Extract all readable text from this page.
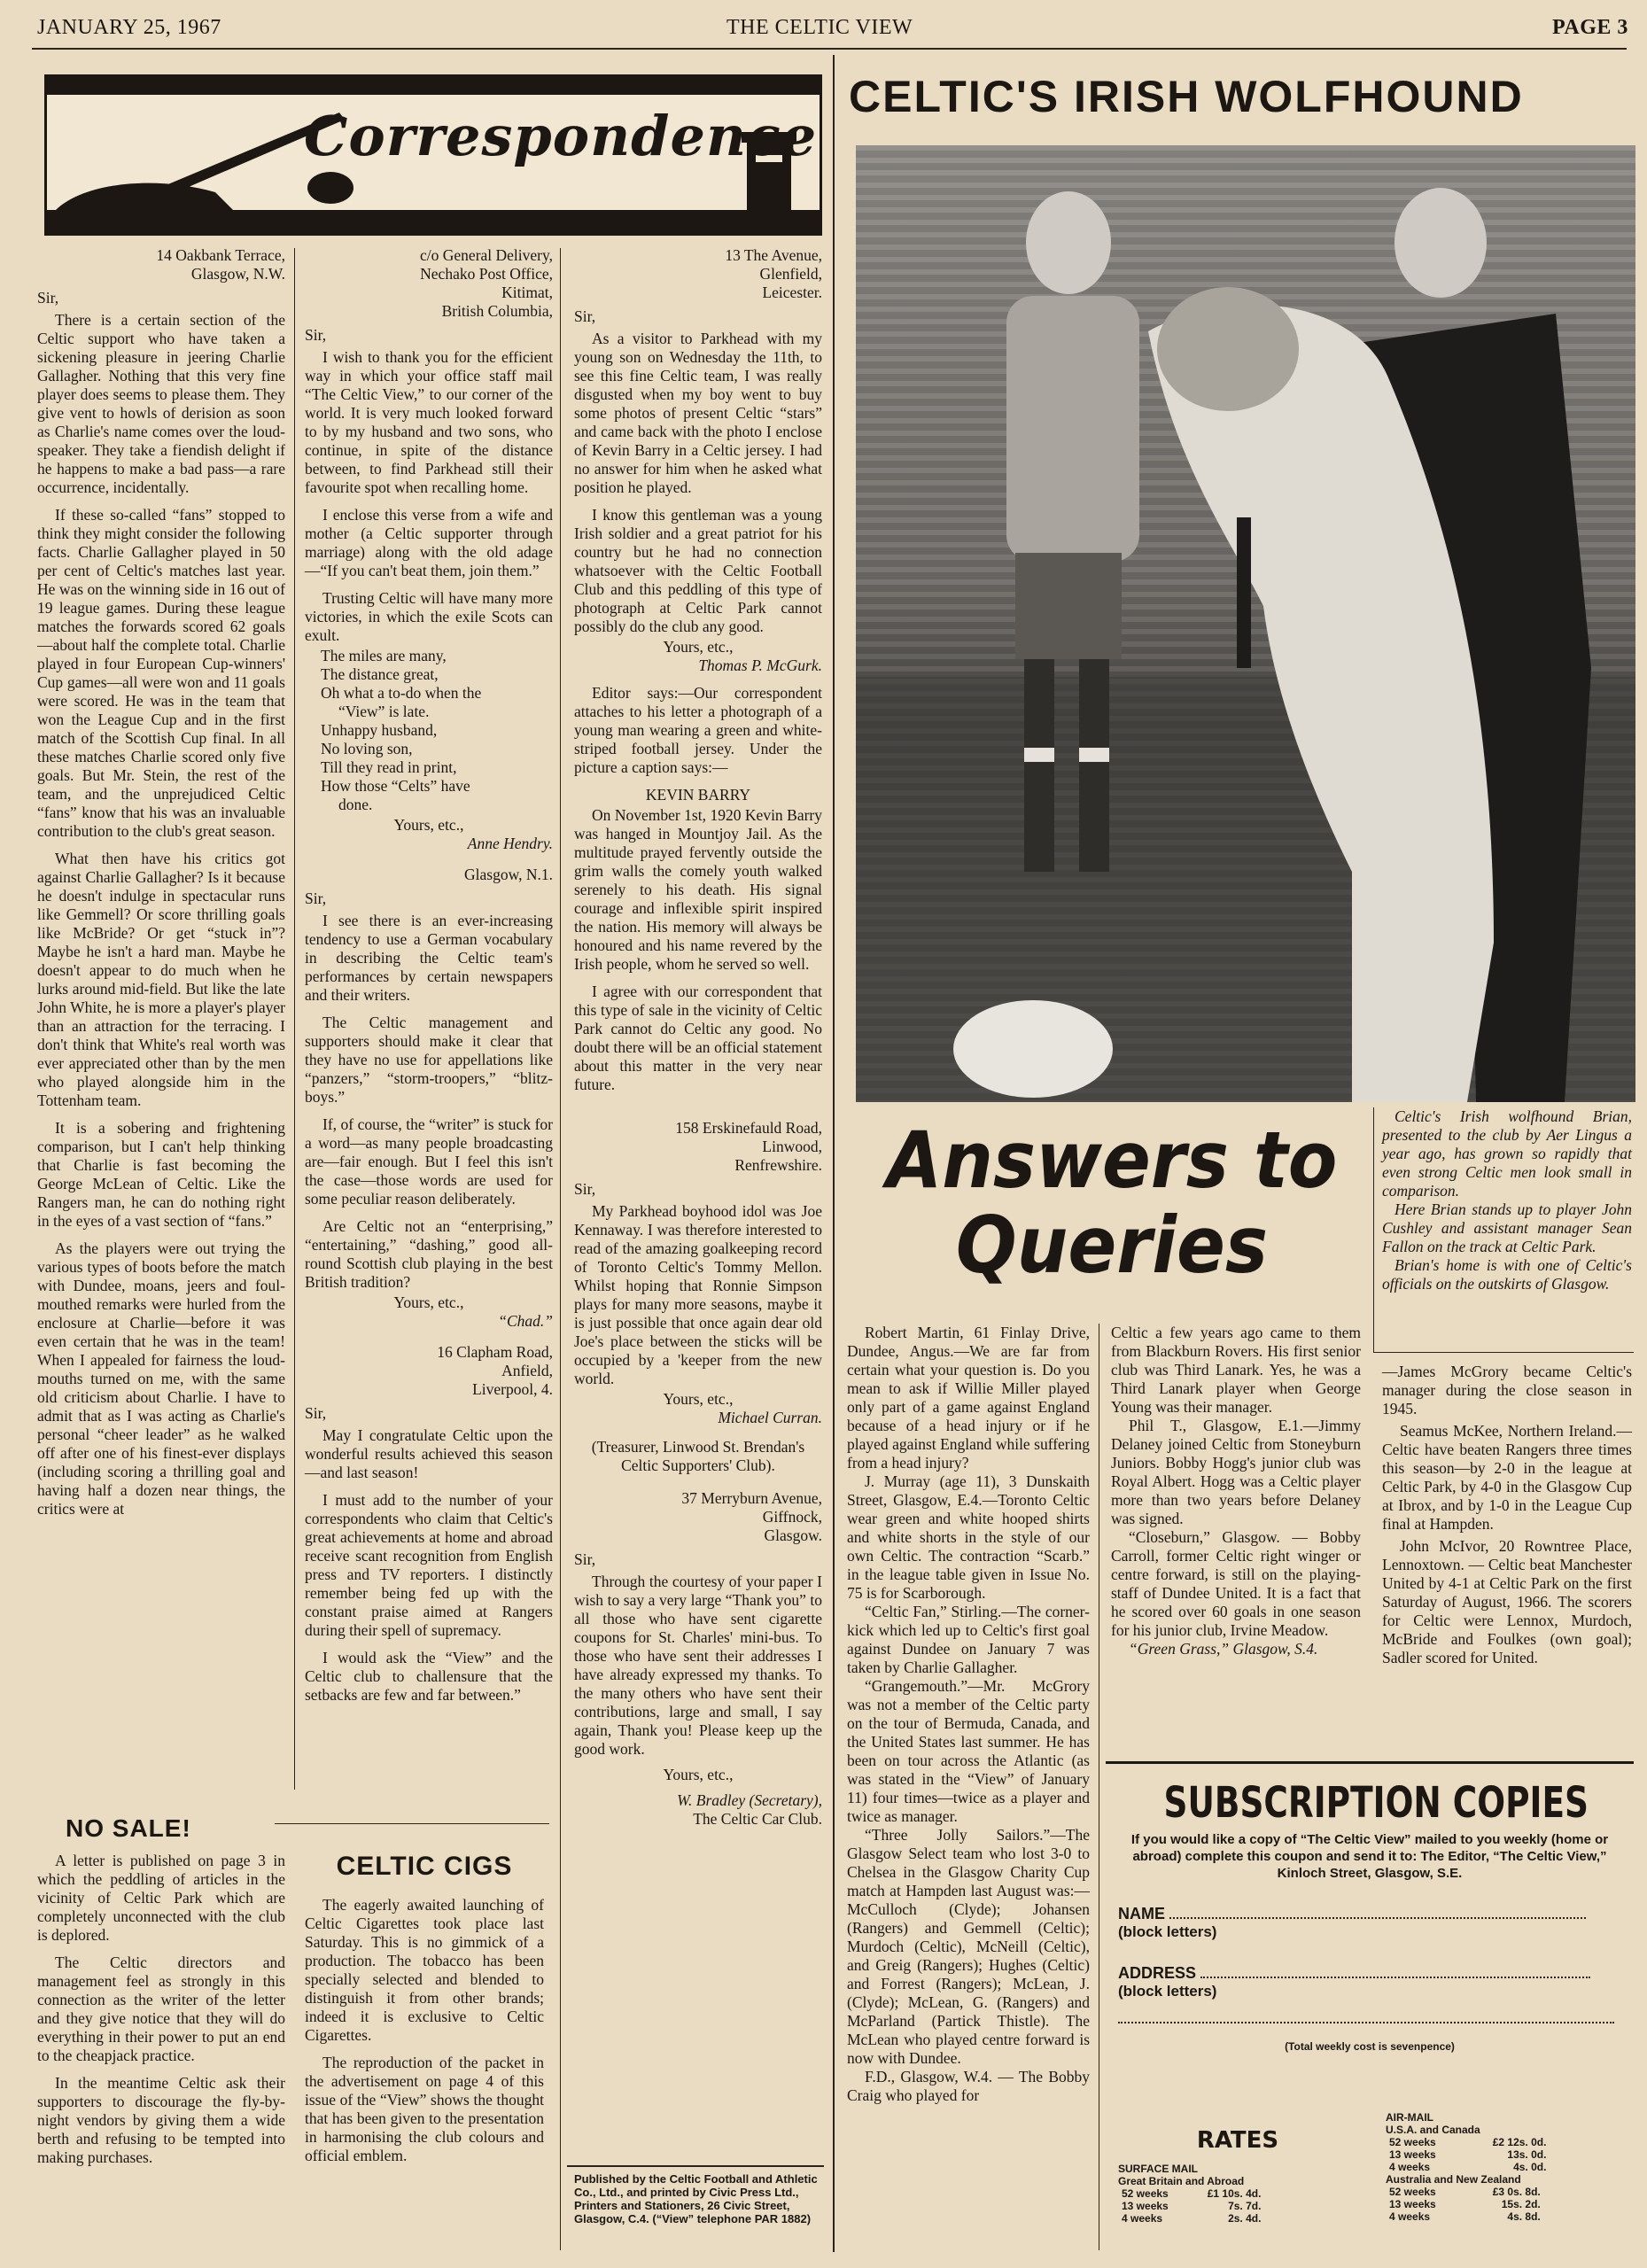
JANUARY 25, 1967	THE CELTIC VIEW	PAGE 3
Correspondence
14 Oakbank Terrace,
Glasgow, N.W.
Sir,

There is a certain section of the Celtic support who have taken a sickening pleasure in jeering Charlie Gallagher. Nothing that this very fine player does seems to please them. They give vent to howls of derision as soon as Charlie's name comes over the loud-speaker. They take a fiendish delight if he happens to make a bad pass—a rare occurrence, incidentally.

If these so-called “fans” stopped to think they might consider the following facts. Charlie Gallagher played in 50 per cent of Celtic's matches last year. He was on the winning side in 16 out of 19 league games. During these league matches the forwards scored 62 goals—about half the complete total. Charlie played in four European Cup-winners' Cup games—all were won and 11 goals were scored. He was in the team that won the League Cup and in the first match of the Scottish Cup final. In all these matches Charlie scored only five goals. But Mr. Stein, the rest of the team, and the unprejudiced Celtic “fans” know that his was an invaluable contribution to the club's great season.

What then have his critics got against Charlie Gallagher? Is it because he doesn't indulge in spectacular runs like Gemmell? Or score thrilling goals like McBride? Or get “stuck in”? Maybe he isn't a hard man. Maybe he doesn't appear to do much when he lurks around mid-field. But like the late John White, he is more a player's player than an attraction for the terracing. I don't think that White's real worth was ever appreciated other than by the men who played alongside him in the Tottenham team.

It is a sobering and frightening comparison, but I can't help thinking that Charlie is fast becoming the George McLean of Celtic. Like the Rangers man, he can do nothing right in the eyes of a vast section of “fans.”

As the players were out trying the various types of boots before the match with Dundee, moans, jeers and foul-mouthed remarks were hurled from the enclosure at Charlie—before it was even certain that he was in the team! When I appealed for fairness the loud-mouths turned on me, with the same old criticism about Charlie. I have to admit that as I was acting as Charlie's personal “cheer leader” as he walked off after one of his finest-ever displays (including scoring a thrilling goal and having half a dozen near things, the critics were at

NO SALE!

A letter is published on page 3 in which the peddling of articles in the vicinity of Celtic Park which are completely unconnected with the club is deplored.

The Celtic directors and management feel as strongly in this connection as the writer of the letter and they give notice that they will do everything in their power to put an end to the cheapjack practice.

In the meantime Celtic ask their supporters to discourage the fly-by-night vendors by giving them a wide berth and refusing to be tempted into making purchases.

c/o General Delivery,
Nechako Post Office,
Kitimat,
British Columbia,
Sir,

I wish to thank you for the efficient way in which your office staff mail “The Celtic View,” to our corner of the world. It is very much looked forward to by my husband and two sons, who continue, in spite of the distance between, to find Parkhead still their favourite spot when recalling home.

I enclose this verse from a wife and mother (a Celtic supporter through marriage) along with the old adage—“If you can't beat them, join them.”

Trusting Celtic will have many more victories, in which the exile Scots can exult.

The miles are many,
The distance great,
Oh what a to-do when the
“View” is late.
Unhappy husband,
No loving son,
Till they read in print,
How those “Celts” have
done.
Yours, etc.,
Anne Hendry.
Glasgow, N.1.
Sir,

I see there is an ever-increasing tendency to use a German vocabulary in describing the Celtic team's performances by certain newspapers and their writers.

The Celtic management and supporters should make it clear that they have no use for appellations like “panzers,” “storm-troopers,” “blitz-boys.”

If, of course, the “writer” is stuck for a word—as many people broadcasting are—fair enough. But I feel this isn't the case—those words are used for some peculiar reason deliberately.

Are Celtic not an “enterprising,” “entertaining,” “dashing,” good all-round Scottish club playing in the best British tradition?

Yours, etc.,
“Chad.”
16 Clapham Road,
Anfield,
Liverpool, 4.
Sir,

May I congratulate Celtic upon the wonderful results achieved this season—and last season!

I must add to the number of your correspondents who claim that Celtic's great achievements at home and abroad receive scant recognition from English press and TV reporters. I distinctly remember being fed up with the constant praise aimed at Rangers during their spell of supremacy.

I would ask the “View” and the Celtic club to challensure that the setbacks are few and far between.”

CELTIC CIGS

The eagerly awaited launching of Celtic Cigarettes took place last Saturday. This is no gimmick of a production. The tobacco has been specially selected and blended to distinguish it from other brands; indeed it is exclusive to Celtic Cigarettes.

The reproduction of the packet in the advertisement on page 4 of this issue of the “View” shows the thought that has been given to the presentation in harmonising the club colours and official emblem.

13 The Avenue,
Glenfield,
Leicester.
Sir,

As a visitor to Parkhead with my young son on Wednesday the 11th, to see this fine Celtic team, I was really disgusted when my boy went to buy some photos of present Celtic “stars” and came back with the photo I enclose of Kevin Barry in a Celtic jersey. I had no answer for him when he asked what position he played.

I know this gentleman was a young Irish soldier and a great patriot for his country but he had no connection whatsoever with the Celtic Football Club and this peddling of this type of photograph at Celtic Park cannot possibly do the club any good.

Yours, etc.,
Thomas P. McGurk.

Editor says:—Our correspondent attaches to his letter a photograph of a young man wearing a green and white-striped football jersey. Under the picture a caption says:—

KEVIN BARRY

On November 1st, 1920 Kevin Barry was hanged in Mountjoy Jail. As the multitude prayed fervently outside the grim walls the comely youth walked serenely to his death. His signal courage and inflexible spirit inspired the nation. His memory will always be honoured and his name revered by the Irish people, whom he served so well.

I agree with our correspondent that this type of sale in the vicinity of Celtic Park cannot do Celtic any good. No doubt there will be an official statement about this matter in the very near future.

158 Erskinefauld Road,
Linwood,
Renfrewshire.
Sir,

My Parkhead boyhood idol was Joe Kennaway. I was therefore interested to read of the amazing goalkeeping record of Toronto Celtic's Tommy Mellon. Whilst hoping that Ronnie Simpson plays for many more seasons, maybe it is just possible that once again dear old Joe's place between the sticks will be occupied by a 'keeper from the new world.

Yours, etc.,
Michael Curran.
(Treasurer, Linwood St. Brendan's Celtic Supporters' Club).
37 Merryburn Avenue,
Giffnock,
Glasgow.
Sir,

Through the courtesy of your paper I wish to say a very large “Thank you” to all those who have sent cigarette coupons for St. Charles' mini-bus. To those who have sent their addresses I have already expressed my thanks. To the many others who have sent their contributions, large and small, I say again, Thank you! Please keep up the good work.

Yours, etc.,
W. Bradley (Secretary),
The Celtic Car Club.
Published by the Celtic Football and Athletic Co., Ltd., and printed by Civic Press Ltd., Printers and Stationers, 26 Civic Street, Glasgow, C.4. (“View” telephone PAR 1882)
CELTIC'S IRISH WOLFHOUND
Celtic's Irish wolfhound Brian, presented to the club by Aer Lingus a year ago, has grown so rapidly that even strong Celtic men look small in comparison.
Here Brian stands up to player John Cushley and assistant manager Sean Fallon on the track at Celtic Park.
Brian's home is with one of Celtic's officials on the outskirts of Glasgow.
Answers to
Queries

Robert Martin, 61 Finlay Drive, Dundee, Angus.—We are far from certain what your question is. Do you mean to ask if Willie Miller played only part of a game against England because of a head injury or if he played against England while suffering from a head injury?

J. Murray (age 11), 3 Dunskaith Street, Glasgow, E.4.—Toronto Celtic wear green and white hooped shirts and white shorts in the style of our own Celtic. The contraction “Scarb.” in the league table given in Issue No. 75 is for Scarborough.

“Celtic Fan,” Stirling.—The corner-kick which led up to Celtic's first goal against Dundee on January 7 was taken by Charlie Gallagher.

“Grangemouth.”—Mr. McGrory was not a member of the Celtic party on the tour of Bermuda, Canada, and the United States last summer. He has been on tour across the Atlantic (as was stated in the “View” of January 11) four times—twice as a player and twice as manager.

“Three Jolly Sailors.”—The Glasgow Select team who lost 3-0 to Chelsea in the Glasgow Charity Cup match at Hampden last August was:—McCulloch (Clyde); Johansen (Rangers) and Gemmell (Celtic); Murdoch (Celtic), McNeill (Celtic), and Greig (Rangers); Hughes (Celtic) and Forrest (Rangers); McLean, J. (Clyde); McLean, G. (Rangers) and McParland (Partick Thistle). The McLean who played centre forward is now with Dundee.

F.D., Glasgow, W.4. — The Bobby Craig who played for

Celtic a few years ago came to them from Blackburn Rovers. His first senior club was Third Lanark. Yes, he was a Third Lanark player when George Young was their manager.

Phil T., Glasgow, E.1.—Jimmy Delaney joined Celtic from Stoneyburn Juniors. Bobby Hogg's junior club was Royal Albert. Hogg was a Celtic player more than two years before Delaney was signed.

“Closeburn,” Glasgow. — Bobby Carroll, former Celtic right winger or centre forward, is still on the playing-staff of Dundee United. It is a fact that he scored over 60 goals in one season for his junior club, Irvine Meadow.

“Green Grass,” Glasgow, S.4.

—James McGrory became Celtic's manager during the close season in 1945.

Seamus McKee, Northern Ireland.—Celtic have beaten Rangers three times this season—by 2-0 in the league at Celtic Park, by 4-0 in the Glasgow Cup at Ibrox, and by 1-0 in the League Cup final at Hampden.

John McIvor, 20 Rowntree Place, Lennoxtown. — Celtic beat Manchester United by 4-1 at Celtic Park on the first Saturday of August, 1966. The scorers for Celtic were Lennox, Murdoch, McBride and Foulkes (own goal); Sadler scored for United.

SUBSCRIPTION COPIES
If you would like a copy of “The Celtic View” mailed to you weekly (home or abroad) complete this coupon and send it to: The Editor, “The Celtic View,” Kinloch Street, Glasgow, S.E.
NAME
(block letters)
ADDRESS
(block letters)
(Total weekly cost is sevenpence)
RATES
SURFACE MAIL
Great Britain and Abroad
52 weeks	£1 10s. 4d.
13 weeks	7s. 7d.
4 weeks	2s. 4d.
AIR-MAIL
U.S.A. and Canada
52 weeks	£2 12s. 0d.
13 weeks	13s. 0d.
4 weeks	4s. 0d.
Australia and New Zealand
52 weeks	£3 0s. 8d.
13 weeks	15s. 2d.
4 weeks	4s. 8d.
